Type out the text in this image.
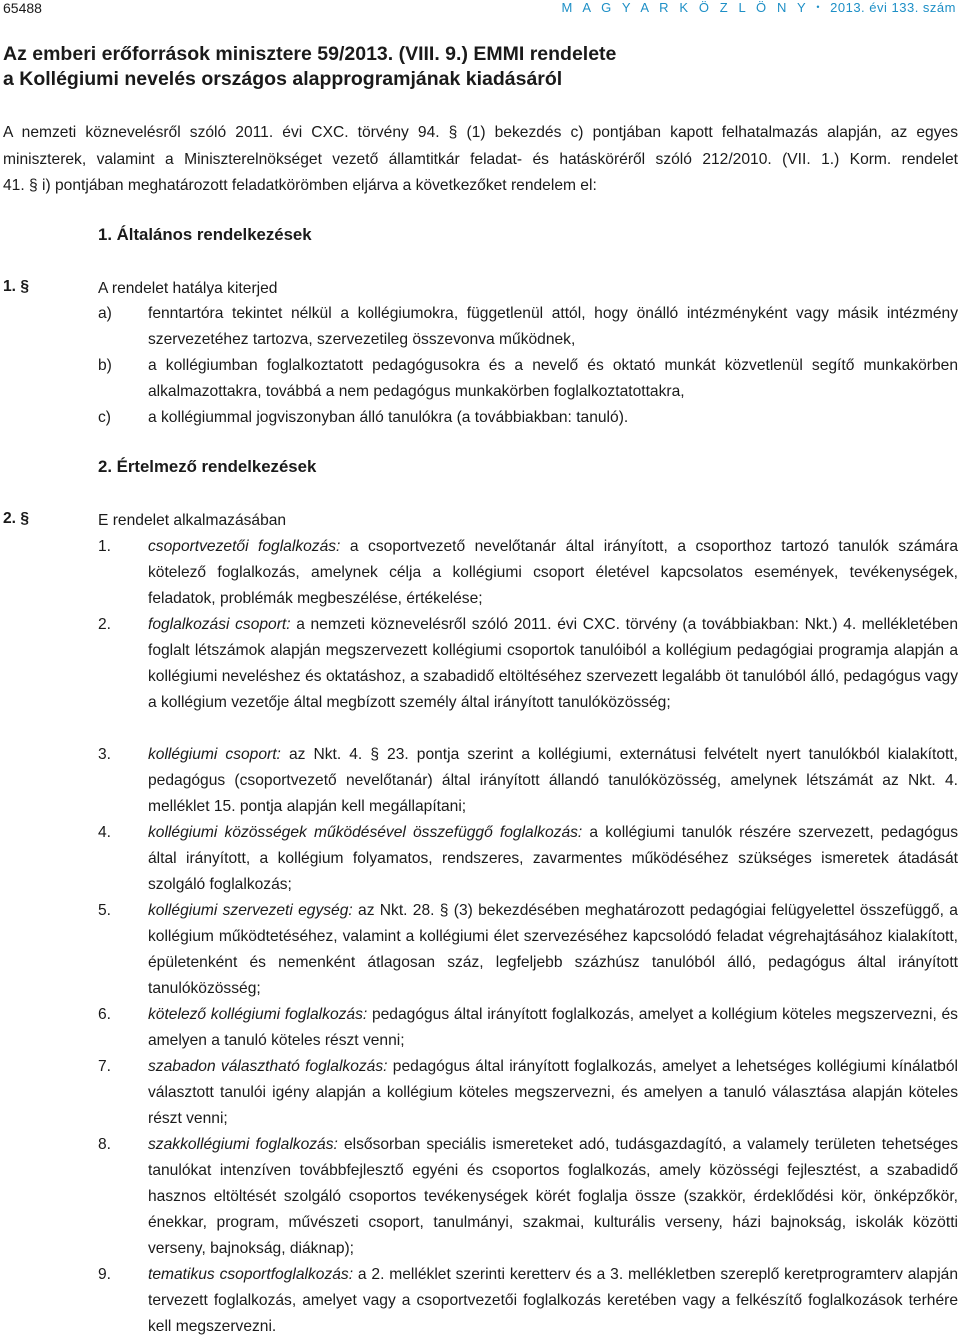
65488	M A G Y A R K Ö Z L Ö N Y • 2013. évi 133. szám
Az emberi erőforrások minisztere 59/2013. (VIII. 9.) EMMI rendelete
a Kollégiumi nevelés országos alapprogramjának kiadásáról
A nemzeti köznevelésről szóló 2011. évi CXC. törvény 94. § (1) bekezdés c) pontjában kapott felhatalmazás alapján, az egyes
miniszterek, valamint a Miniszterelnökséget vezető államtitkár feladat- és hatásköréről szóló 212/2010. (VII. 1.) Korm. rendelet
41. § i) pontjában meghatározott feladatkörömben eljárva a következőket rendelem el:
1. Általános rendelkezések
1. §	A rendelet hatálya kiterjed
a) fenntartóra tekintet nélkül a kollégiumokra, függetlenül attól, hogy önálló intézményként vagy másik intézmény szervezetéhez tartozva, szervezetileg összevonva működnek,
b) a kollégiumban foglalkoztatott pedagógusokra és a nevelő és oktató munkát közvetlenül segítő munkakörben alkalmazottakra, továbbá a nem pedagógus munkakörben foglalkoztatottakra,
c) a kollégiummal jogviszonyban álló tanulókra (a továbbiakban: tanuló).
2. Értelmező rendelkezések
2. §	E rendelet alkalmazásában
1. csoportvezetői foglalkozás: a csoportvezető nevelőtanár által irányított, a csoporthoz tartozó tanulók számára kötelező foglalkozás, amelynek célja a kollégiumi csoport életével kapcsolatos események, tevékenységek, feladatok, problémák megbeszélése, értékelése;
2. foglalkozási csoport: a nemzeti köznevelésről szóló 2011. évi CXC. törvény (a továbbiakban: Nkt.) 4. mellékletében foglalt létszámok alapján megszervezett kollégiumi csoportok tanulóiból a kollégium pedagógiai programja alapján a kollégiumi neveléshez és oktatáshoz, a szabadidő eltöltéséhez szervezett legalább öt tanulóból álló, pedagógus vagy a kollégium vezetője által megbízott személy által irányított tanulóközösség;
3. kollégiumi csoport: az Nkt. 4. § 23. pontja szerint a kollégiumi, externátusi felvételt nyert tanulókból kialakított, pedagógus (csoportvezető nevelőtanár) által irányított állandó tanulóközösség, amelynek létszámát az Nkt. 4. melléklet 15. pontja alapján kell megállapítani;
4. kollégiumi közösségek működésével összefüggő foglalkozás: a kollégiumi tanulók részére szervezett, pedagógus által irányított, a kollégium folyamatos, rendszeres, zavarmentes működéséhez szükséges ismeretek átadását szolgáló foglalkozás;
5. kollégiumi szervezeti egység: az Nkt. 28. § (3) bekezdésében meghatározott pedagógiai felügyelettel összefüggő, a kollégium működtetéséhez, valamint a kollégiumi élet szervezéséhez kapcsolódó feladat végrehajtásához kialakított, épületenként és nemenként átlagosan száz, legfeljebb százhúsz tanulóból álló, pedagógus által irányított tanulóközösség;
6. kötelező kollégiumi foglalkozás: pedagógus által irányított foglalkozás, amelyet a kollégium köteles megszervezni, és amelyen a tanuló köteles részt venni;
7. szabadon választható foglalkozás: pedagógus által irányított foglalkozás, amelyet a lehetséges kollégiumi kínálatból választott tanulói igény alapján a kollégium köteles megszervezni, és amelyen a tanuló választása alapján köteles részt venni;
8. szakkollégiumi foglalkozás: elsősorban speciális ismereteket adó, tudásgazdagító, a valamely területen tehetséges tanulókat intenzíven továbbfejlesztő egyéni és csoportos foglalkozás, amely közösségi fejlesztést, a szabadidő hasznos eltöltését szolgáló csoportos tevékenységek körét foglalja össze (szakkör, érdeklődési kör, önképzőkör, énekkar, program, művészeti csoport, tanulmányi, szakmai, kulturális verseny, házi bajnokság, iskolák közötti verseny, bajnokság, diáknap);
9. tematikus csoportfoglalkozás: a 2. melléklet szerinti keretterv és a 3. mellékletben szereplő keretprogramterv alapján tervezett foglalkozás, amelyet vagy a csoportvezetői foglalkozás keretében vagy a felkészítő foglalkozások terhére kell megszervezni.
